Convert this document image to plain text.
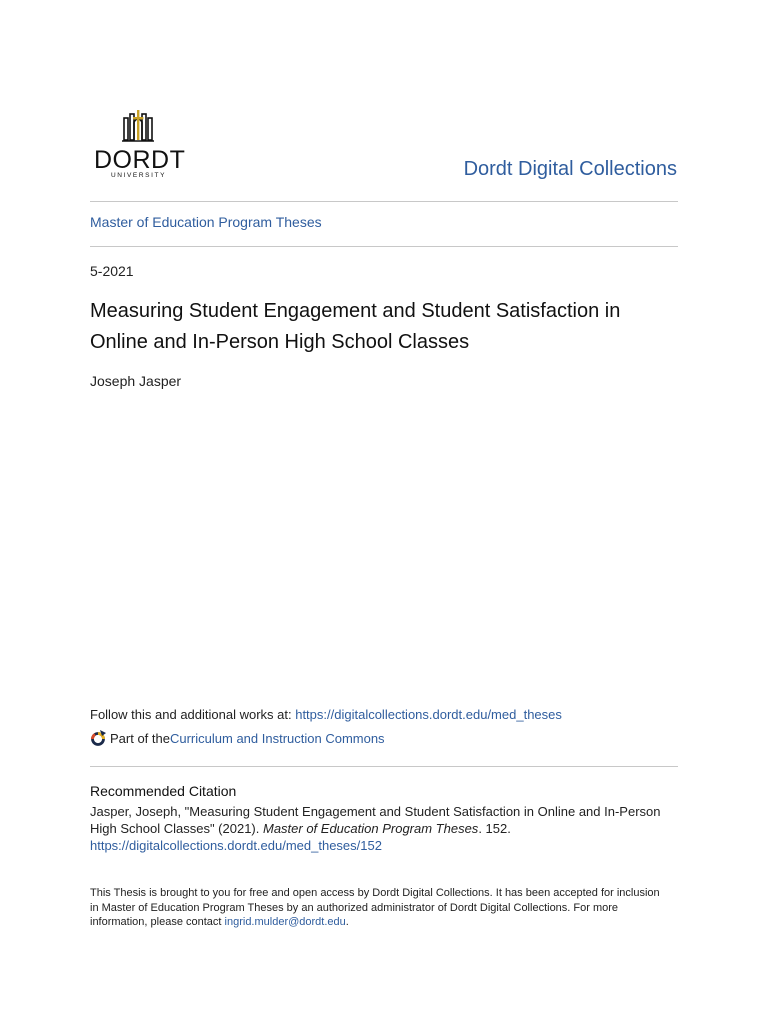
DORDT
UNIVERSITY	Dordt Digital Collections
Master of Education Program Theses
5-2021
Measuring Student Engagement and Student Satisfaction in Online and In-Person High School Classes
Joseph Jasper
Follow this and additional works at: https://digitalcollections.dordt.edu/med_theses
Part of the Curriculum and Instruction Commons
Recommended Citation
Jasper, Joseph, "Measuring Student Engagement and Student Satisfaction in Online and In-Person High School Classes" (2021). Master of Education Program Theses. 152.
https://digitalcollections.dordt.edu/med_theses/152
This Thesis is brought to you for free and open access by Dordt Digital Collections. It has been accepted for inclusion in Master of Education Program Theses by an authorized administrator of Dordt Digital Collections. For more information, please contact ingrid.mulder@dordt.edu.
